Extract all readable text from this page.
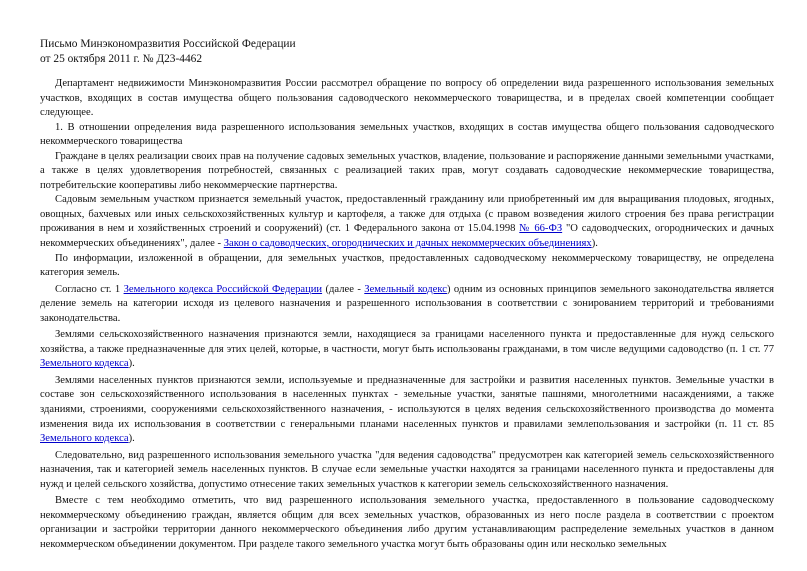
Письмо Минэкономразвития Российской Федерации
от 25 октября 2011 г. № Д23-4462

Департамент недвижимости Минэкономразвития России рассмотрел обращение по вопросу об определении вида разрешенного использования земельных участков, входящих в состав имущества общего пользования садоводческого некоммерческого товарищества, и в пределах своей компетенции сообщает следующее.

1. В отношении определения вида разрешенного использования земельных участков, входящих в состав имущества общего пользования садоводческого некоммерческого товарищества

Граждане в целях реализации своих прав на получение садовых земельных участков, владение, пользование и распоряжение данными земельными участками, а также в целях удовлетворения потребностей, связанных с реализацией таких прав, могут создавать садоводческие некоммерческие товарищества, потребительские кооперативы либо некоммерческие партнерства.

Садовым земельным участком признается земельный участок, предоставленный гражданину или приобретенный им для выращивания плодовых, ягодных, овощных, бахчевых или иных сельскохозяйственных культур и картофеля, а также для отдыха (с правом возведения жилого строения без права регистрации проживания в нем и хозяйственных строений и сооружений) (ст. 1 Федерального закона от 15.04.1998 № 66-ФЗ "О садоводческих, огороднических и дачных некоммерческих объединениях", далее - Закон о садоводческих, огороднических и дачных некоммерческих объединениях).

По информации, изложенной в обращении, для земельных участков, предоставленных садоводческому некоммерческому товариществу, не определена категория земель.

Согласно ст. 1 Земельного кодекса Российской Федерации (далее - Земельный кодекс) одним из основных принципов земельного законодательства является деление земель на категории исходя из целевого назначения и разрешенного использования в соответствии с зонированием территорий и требованиями законодательства.

Землями сельскохозяйственного назначения признаются земли, находящиеся за границами населенного пункта и предоставленные для нужд сельского хозяйства, а также предназначенные для этих целей, которые, в частности, могут быть использованы гражданами, в том числе ведущими садоводство (п. 1 ст. 77 Земельного кодекса).

Землями населенных пунктов признаются земли, используемые и предназначенные для застройки и развития населенных пунктов. Земельные участки в составе зон сельскохозяйственного использования в населенных пунктах - земельные участки, занятые пашнями, многолетними насаждениями, а также зданиями, строениями, сооружениями сельскохозяйственного назначения, - используются в целях ведения сельскохозяйственного производства до момента изменения вида их использования в соответствии с генеральными планами населенных пунктов и правилами землепользования и застройки (п. 11 ст. 85 Земельного кодекса).

Следовательно, вид разрешенного использования земельного участка "для ведения садоводства" предусмотрен как категорией земель сельскохозяйственного назначения, так и категорией земель населенных пунктов. В случае если земельные участки находятся за границами населенного пункта и предоставлены для нужд и целей сельского хозяйства, допустимо отнесение таких земельных участков к категории земель сельскохозяйственного назначения.

Вместе с тем необходимо отметить, что вид разрешенного использования земельного участка, предоставленного в пользование садоводческому некоммерческому объединению граждан, является общим для всех земельных участков, образованных из него после раздела в соответствии с проектом организации и застройки территории данного некоммерческого объединения либо другим устанавливающим распределение земельных участков в данном некоммерческом объединении документом. При разделе такого земельного участка могут быть образованы один или несколько земельных
